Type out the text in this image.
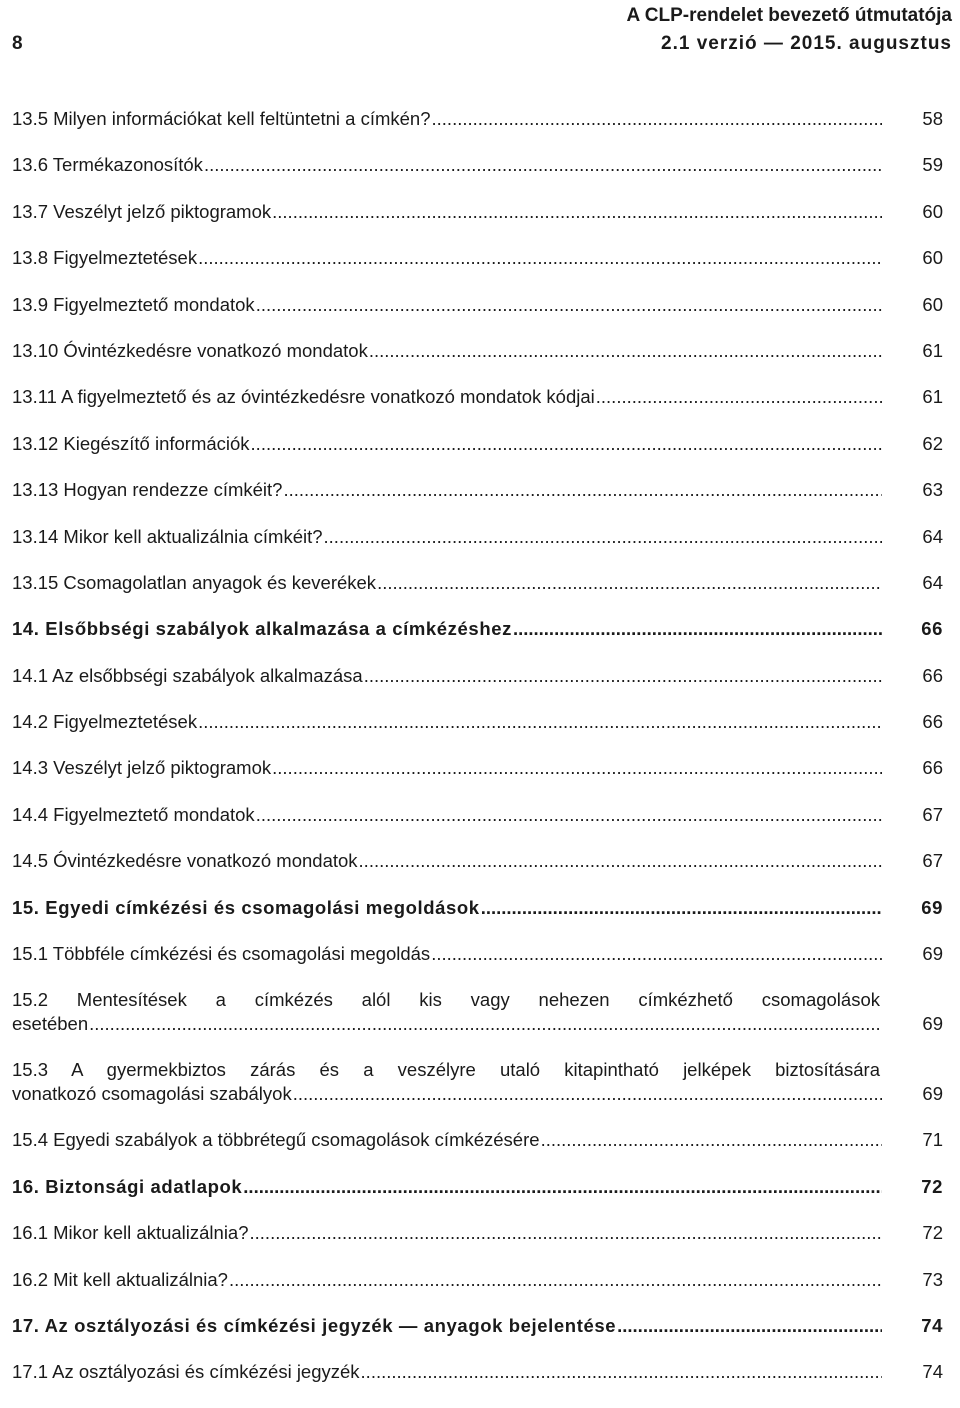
8
A CLP-rendelet bevezető útmutatója
2.1 verzió — 2015. augusztus
13.5 Milyen információkat kell feltüntetni a címkén? .....	58
13.6 Termékazonosítók .....	59
13.7 Veszélyt jelző piktogramok .....	60
13.8 Figyelmeztetések .....	60
13.9 Figyelmeztető mondatok .....	60
13.10 Óvintézkedésre vonatkozó mondatok .....	61
13.11 A figyelmeztető és az óvintézkedésre vonatkozó mondatok kódjai .....	61
13.12 Kiegészítő információk .....	62
13.13 Hogyan rendezze címkéit? .....	63
13.14 Mikor kell aktualizálnia címkéit? .....	64
13.15 Csomagolatlan anyagok és keverékek .....	64
14. Elsőbbségi szabályok alkalmazása a címkézéshez .....	66
14.1 Az elsőbbségi szabályok alkalmazása .....	66
14.2 Figyelmeztetések .....	66
14.3 Veszélyt jelző piktogramok .....	66
14.4 Figyelmeztető mondatok .....	67
14.5 Óvintézkedésre vonatkozó mondatok .....	67
15. Egyedi címkézési és csomagolási megoldások .....	69
15.1 Többféle címkézési és csomagolási megoldás .....	69
15.2 Mentesítések a címkézés alól kis vagy nehezen címkézhető csomagolások
esetében .....	69
15.3 A gyermekbiztos zárás és a veszélyre utaló kitapintható jelképek biztosítására
vonatkozó csomagolási szabályok .....	69
15.4 Egyedi szabályok a többrétegű csomagolások címkézésére .....	71
16. Biztonsági adatlapok .....	72
16.1 Mikor kell aktualizálnia? .....	72
16.2 Mit kell aktualizálnia? .....	73
17. Az osztályozási és címkézési jegyzék — anyagok bejelentése .....	74
17.1 Az osztályozási és címkézési jegyzék .....	74
